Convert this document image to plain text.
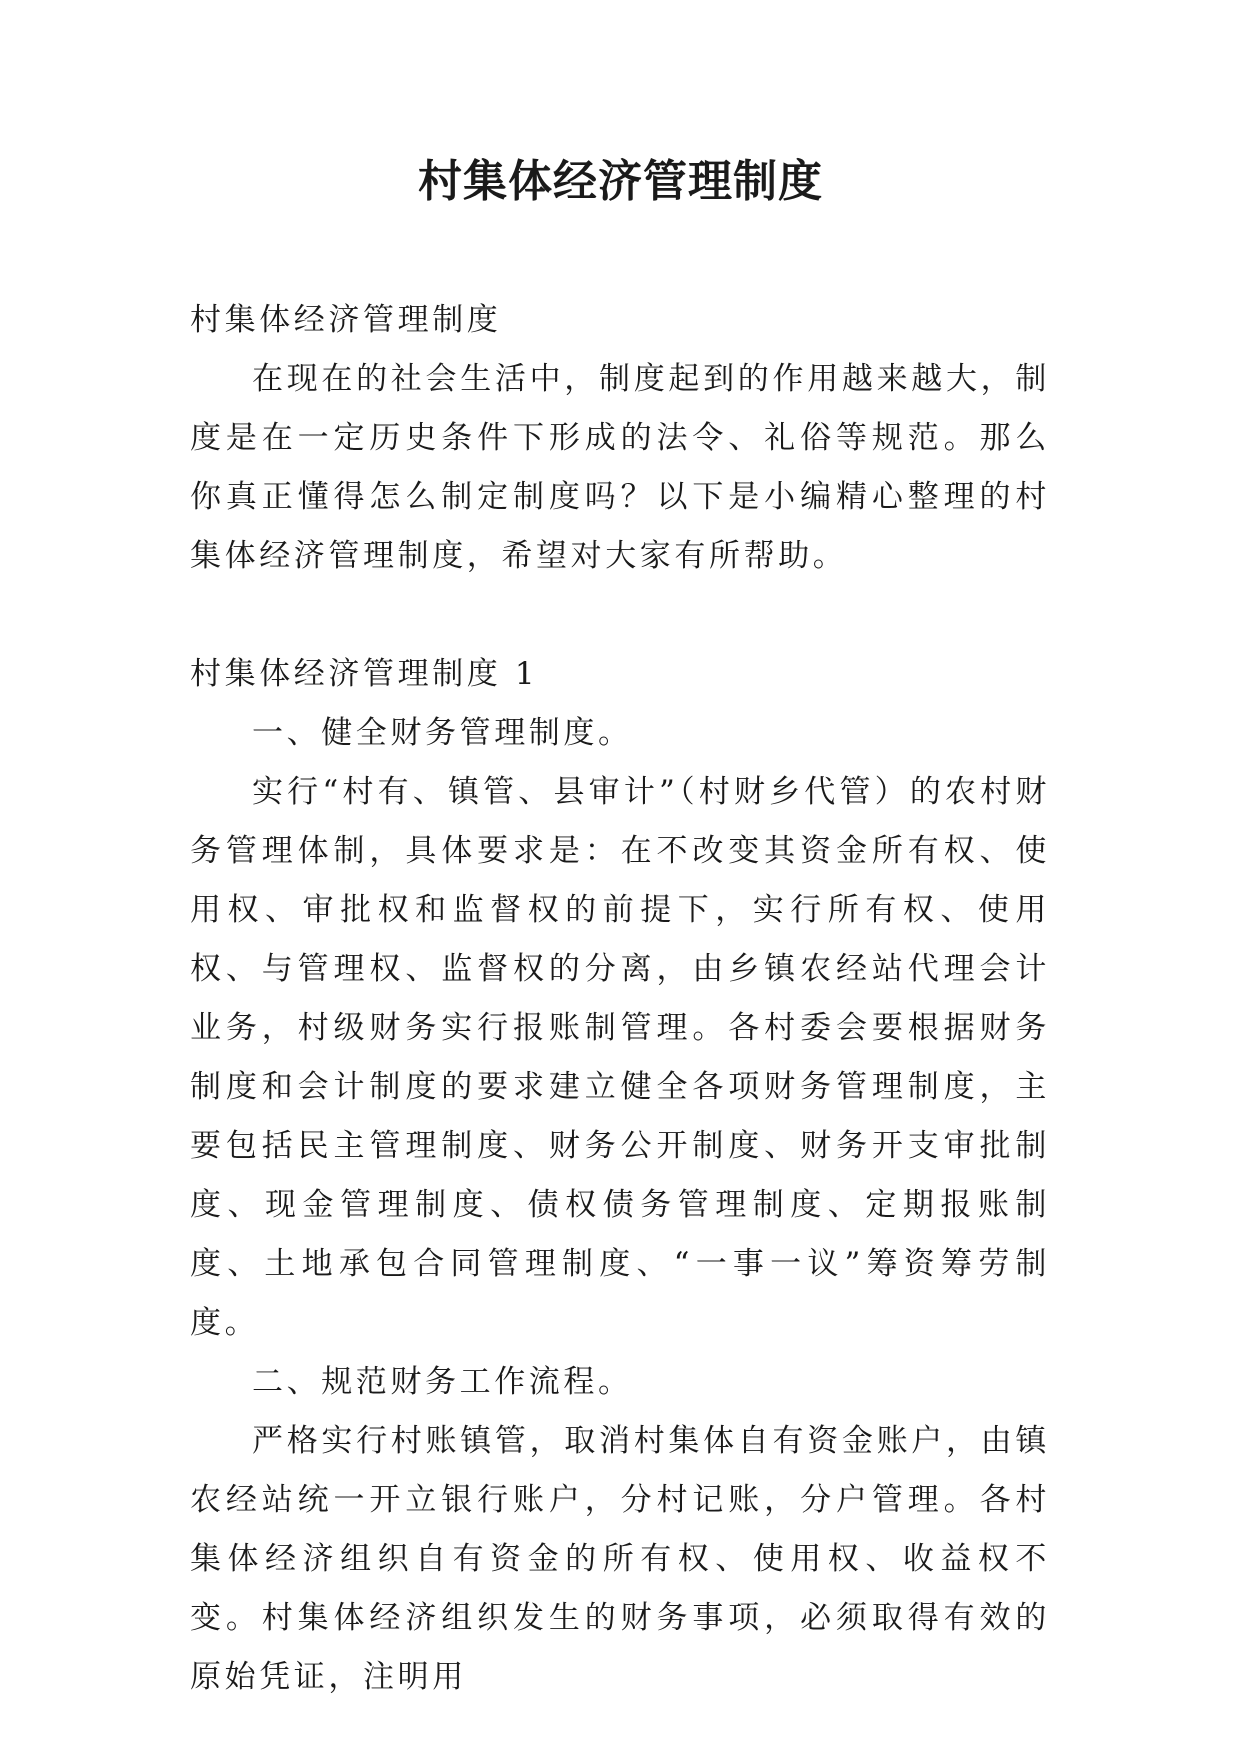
村集体经济管理制度

村集体经济管理制度

在现在的社会生活中，制度起到的作用越来越大，制度是在一定历史条件下形成的法令、礼俗等规范。那么你真正懂得怎么制定制度吗？以下是小编精心整理的村集体经济管理制度，希望对大家有所帮助。

村集体经济管理制度 1

一、健全财务管理制度。

实行“村有、镇管、县审计”（村财乡代管）的农村财务管理体制，具体要求是：在不改变其资金所有权、使用权、审批权和监督权的前提下，实行所有权、使用权、与管理权、监督权的分离，由乡镇农经站代理会计业务，村级财务实行报账制管理。各村委会要根据财务制度和会计制度的要求建立健全各项财务管理制度，主要包括民主管理制度、财务公开制度、财务开支审批制度、现金管理制度、债权债务管理制度、定期报账制度、土地承包合同管理制度、“一事一议”筹资筹劳制度。

二、规范财务工作流程。

严格实行村账镇管，取消村集体自有资金账户，由镇农经站统一开立银行账户，分村记账，分户管理。各村集体经济组织自有资金的所有权、使用权、收益权不变。村集体经济组织发生的财务事项，必须取得有效的原始凭证，注明用
